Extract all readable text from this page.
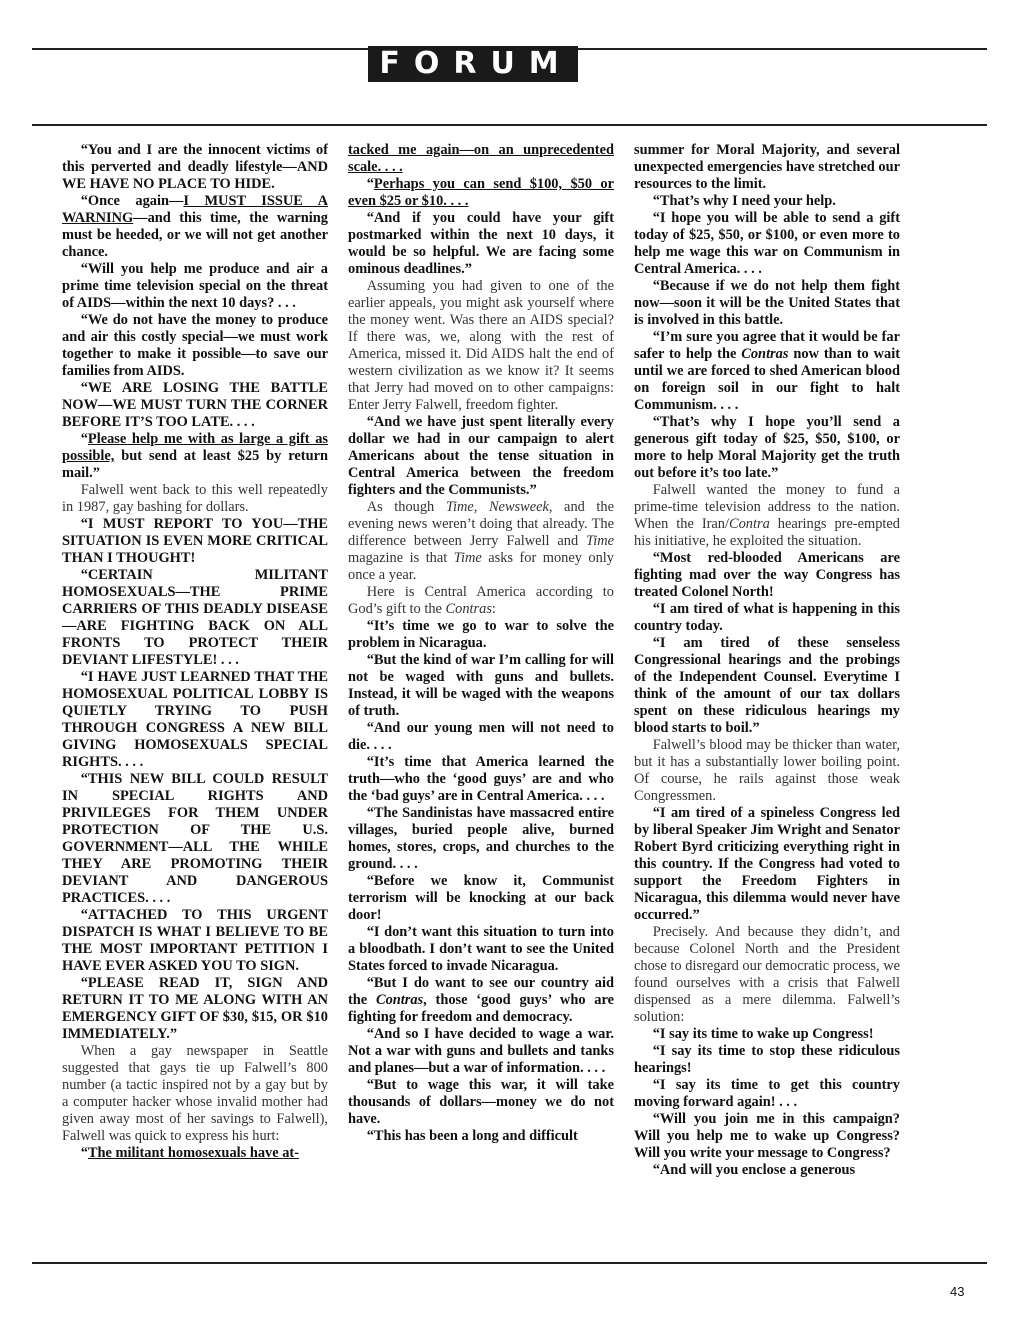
FORUM

“You and I are the innocent victims of this perverted and deadly lifestyle—AND WE HAVE NO PLACE TO HIDE.

“Once again—I MUST ISSUE A WARNING—and this time, the warning must be heeded, or we will not get another chance.

“Will you help me produce and air a prime time television special on the threat of AIDS—within the next 10 days? . . .

“We do not have the money to produce and air this costly special—we must work together to make it possible—to save our families from AIDS.

“WE ARE LOSING THE BATTLE NOW—WE MUST TURN THE CORNER BEFORE IT’S TOO LATE. . . .

“Please help me with as large a gift as possible, but send at least $25 by return mail.”

Falwell went back to this well repeatedly in 1987, gay bashing for dollars.

“I MUST REPORT TO YOU—THE SITUATION IS EVEN MORE CRITICAL THAN I THOUGHT!

“CERTAIN MILITANT HOMOSEXUALS—THE PRIME CARRIERS OF THIS DEADLY DISEASE—ARE FIGHTING BACK ON ALL FRONTS TO PROTECT THEIR DEVIANT LIFESTYLE! . . .

“I HAVE JUST LEARNED THAT THE HOMOSEXUAL POLITICAL LOBBY IS QUIETLY TRYING TO PUSH THROUGH CONGRESS A NEW BILL GIVING HOMOSEXUALS SPECIAL RIGHTS. . . .

“THIS NEW BILL COULD RESULT IN SPECIAL RIGHTS AND PRIVILEGES FOR THEM UNDER PROTECTION OF THE U.S. GOVERNMENT—ALL THE WHILE THEY ARE PROMOTING THEIR DEVIANT AND DANGEROUS PRACTICES. . . .

“ATTACHED TO THIS URGENT DISPATCH IS WHAT I BELIEVE TO BE THE MOST IMPORTANT PETITION I HAVE EVER ASKED YOU TO SIGN.

“PLEASE READ IT, SIGN AND RETURN IT TO ME ALONG WITH AN EMERGENCY GIFT OF $30, $15, OR $10 IMMEDIATELY.”

When a gay newspaper in Seattle suggested that gays tie up Falwell’s 800 number (a tactic inspired not by a gay but by a computer hacker whose invalid mother had given away most of her savings to Falwell), Falwell was quick to express his hurt:

“The militant homosexuals have at-

tacked me again—on an unprecedented scale. . . .

“Perhaps you can send $100, $50 or even $25 or $10. . . .

“And if you could have your gift postmarked within the next 10 days, it would be so helpful. We are facing some ominous deadlines.”

Assuming you had given to one of the earlier appeals, you might ask yourself where the money went. Was there an AIDS special? If there was, we, along with the rest of America, missed it. Did AIDS halt the end of western civilization as we know it? It seems that Jerry had moved on to other campaigns: Enter Jerry Falwell, freedom fighter.

“And we have just spent literally every dollar we had in our campaign to alert Americans about the tense situation in Central America between the freedom fighters and the Communists.”

As though Time, Newsweek, and the evening news weren’t doing that already. The difference between Jerry Falwell and Time magazine is that Time asks for money only once a year.

Here is Central America according to God’s gift to the Contras:

“It’s time we go to war to solve the problem in Nicaragua.

“But the kind of war I’m calling for will not be waged with guns and bullets. Instead, it will be waged with the weapons of truth.

“And our young men will not need to die. . . .

“It’s time that America learned the truth—who the ‘good guys’ are and who the ‘bad guys’ are in Central America. . . .

“The Sandinistas have massacred entire villages, buried people alive, burned homes, stores, crops, and churches to the ground. . . .

“Before we know it, Communist terrorism will be knocking at our back door!

“I don’t want this situation to turn into a bloodbath. I don’t want to see the United States forced to invade Nicaragua.

“But I do want to see our country aid the Contras, those ‘good guys’ who are fighting for freedom and democracy.

“And so I have decided to wage a war. Not a war with guns and bullets and tanks and planes—but a war of information. . . .

“But to wage this war, it will take thousands of dollars—money we do not have.

“This has been a long and difficult

summer for Moral Majority, and several unexpected emergencies have stretched our resources to the limit.

“That’s why I need your help.

“I hope you will be able to send a gift today of $25, $50, or $100, or even more to help me wage this war on Communism in Central America. . . .

“Because if we do not help them fight now—soon it will be the United States that is involved in this battle.

“I’m sure you agree that it would be far safer to help the Contras now than to wait until we are forced to shed American blood on foreign soil in our fight to halt Communism. . . .

“That’s why I hope you’ll send a generous gift today of $25, $50, $100, or more to help Moral Majority get the truth out before it’s too late.”

Falwell wanted the money to fund a prime-time television address to the nation. When the Iran/Contra hearings pre-empted his initiative, he exploited the situation.

“Most red-blooded Americans are fighting mad over the way Congress has treated Colonel North!

“I am tired of what is happening in this country today.

“I am tired of these senseless Congressional hearings and the probings of the Independent Counsel. Everytime I think of the amount of our tax dollars spent on these ridiculous hearings my blood starts to boil.”

Falwell’s blood may be thicker than water, but it has a substantially lower boiling point. Of course, he rails against those weak Congressmen.

“I am tired of a spineless Congress led by liberal Speaker Jim Wright and Senator Robert Byrd criticizing everything right in this country. If the Congress had voted to support the Freedom Fighters in Nicaragua, this dilemma would never have occurred.”

Precisely. And because they didn’t, and because Colonel North and the President chose to disregard our democratic process, we found ourselves with a crisis that Falwell dispensed as a mere dilemma. Falwell’s solution:

“I say its time to wake up Congress!

“I say its time to stop these ridiculous hearings!

“I say its time to get this country moving forward again! . . .

“Will you join me in this campaign? Will you help me to wake up Congress? Will you write your message to Congress?

“And will you enclose a generous

43
